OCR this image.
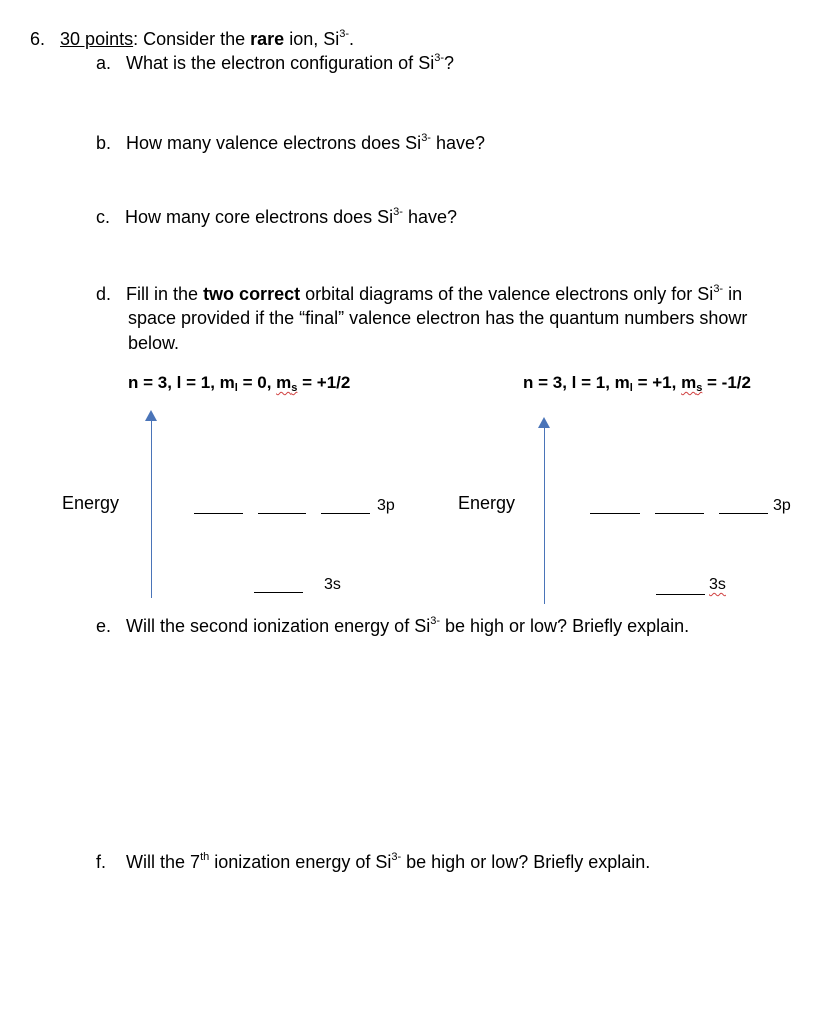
6. 30 points: Consider the rare ion, $Si^{3-}$.
a. What is the electron configuration of $Si^{3-}$?
b. How many valence electrons does $Si^{3-}$ have?
c. How many core electrons does $Si^{3-}$ have?
d. Fill in the two correct orbital diagrams of the valence electrons only for $Si^{3-}$ in
space provided if the “final” valence electron has the quantum numbers showr
below.
n = 3, l = 1, $m_l = 0$, $m_s = +1/2$	n = 3, l = 1, $m_l = +1$, $m_s = -1/2$
Energy	3p
3s
Energy	3p
3s
e. Will the second ionization energy of $Si^{3-}$ be high or low? Briefly explain.
f. Will the 7th ionization energy of $Si^{3-}$ be high or low? Briefly explain.
